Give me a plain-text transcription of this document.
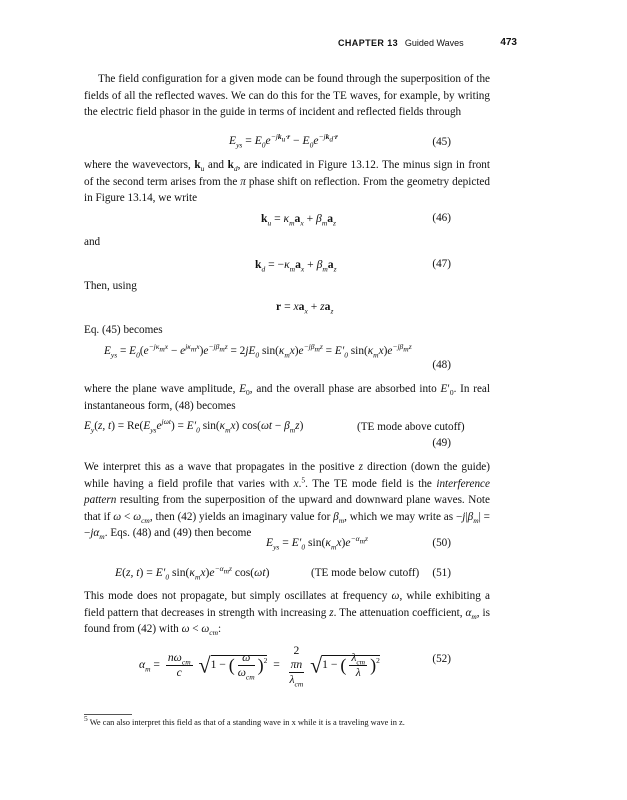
CHAPTER 13 Guided Waves	473
The field configuration for a given mode can be found through the superposition of the fields of all the reflected waves. We can do this for the TE waves, for example, by writing the electric field phasor in the guide in terms of incident and reflected fields through
$E_{ys} = E_0e^{-jk_u\cdot r} - E_0e^{-jk_d\cdot r}$	(45)
where the wavevectors, $k_u$ and $k_d$, are indicated in Figure 13.12. The minus sign in front of the second term arises from the π phase shift on reflection. From the geometry depicted in Figure 13.14, we write
$k_u = \kappa_ma_x + \beta_ma_z$	(46)
and
$k_d = -\kappa_ma_x + \beta_ma_z$	(47)
Then, using
$r = xa_x + za_z$
Eq. (45) becomes
$E_{ys} = E_0(e^{-j\kappa_mx} - e^{j\kappa_mx})e^{-j\beta_mz} = 2jE_0$ $\sin(\kappa_mx)e^{-j\beta_mz} = E'_0$ $\sin(\kappa_mx)e^{-j\beta_mz}$
(48)
where the plane wave amplitude, $E_0$, and the overall phase are absorbed into $E'_0$. In real instantaneous form, (48) becomes
$E_y(z$, $t) = Re(E_{ys}e^{j\omega t}) = E'_0$ $\sin(\kappa_mx) \cos(\omega t - \beta_mz)$	(TE mode above cutoff)
(49)
We interpret this as a wave that propagates in the positive z direction (down the guide) while having a field profile that varies with x.$^5$. The TE mode field is the interference pattern resulting from the superposition of the upward and downward plane waves. Note that if $\omega < \omega_{cm}$, then (42) yields an imaginary value for $\beta_m$, which we may write as $-j|\beta_m| = -j\alpha_m$. Eqs. (48) and (49) then become
$E_{ys} = E'_0$ $\sin(\kappa_mx)e^{-\alpha_mz}$	(50)
E(z, $t) = E'_0$ $\sin(\kappa_mx)e^{-\alpha_mz}$ cos(ωt)	(TE mode below cutoff) (51)
This mode does not propagate, but simply oscillates at frequency ω, while exhibiting a field pattern that decreases in strength with increasing z. The attenuation coefficient, $\alpha_m$, is found from (42) with $\omega < \omega_{cm}$:
$\alpha_m = \frac{n\omega_{cm}}{c} √1$ − ( $\frac{\omega}{\omega_{cm}} )^2 = 2$
πn
$\lambda_{cm}$ √1 − ( $\frac{\lambda_{cm}}{\lambda} )^2$	(52)
$^5$ We can also interpret this field as that of a standing wave in x while it is a traveling wave in z.
